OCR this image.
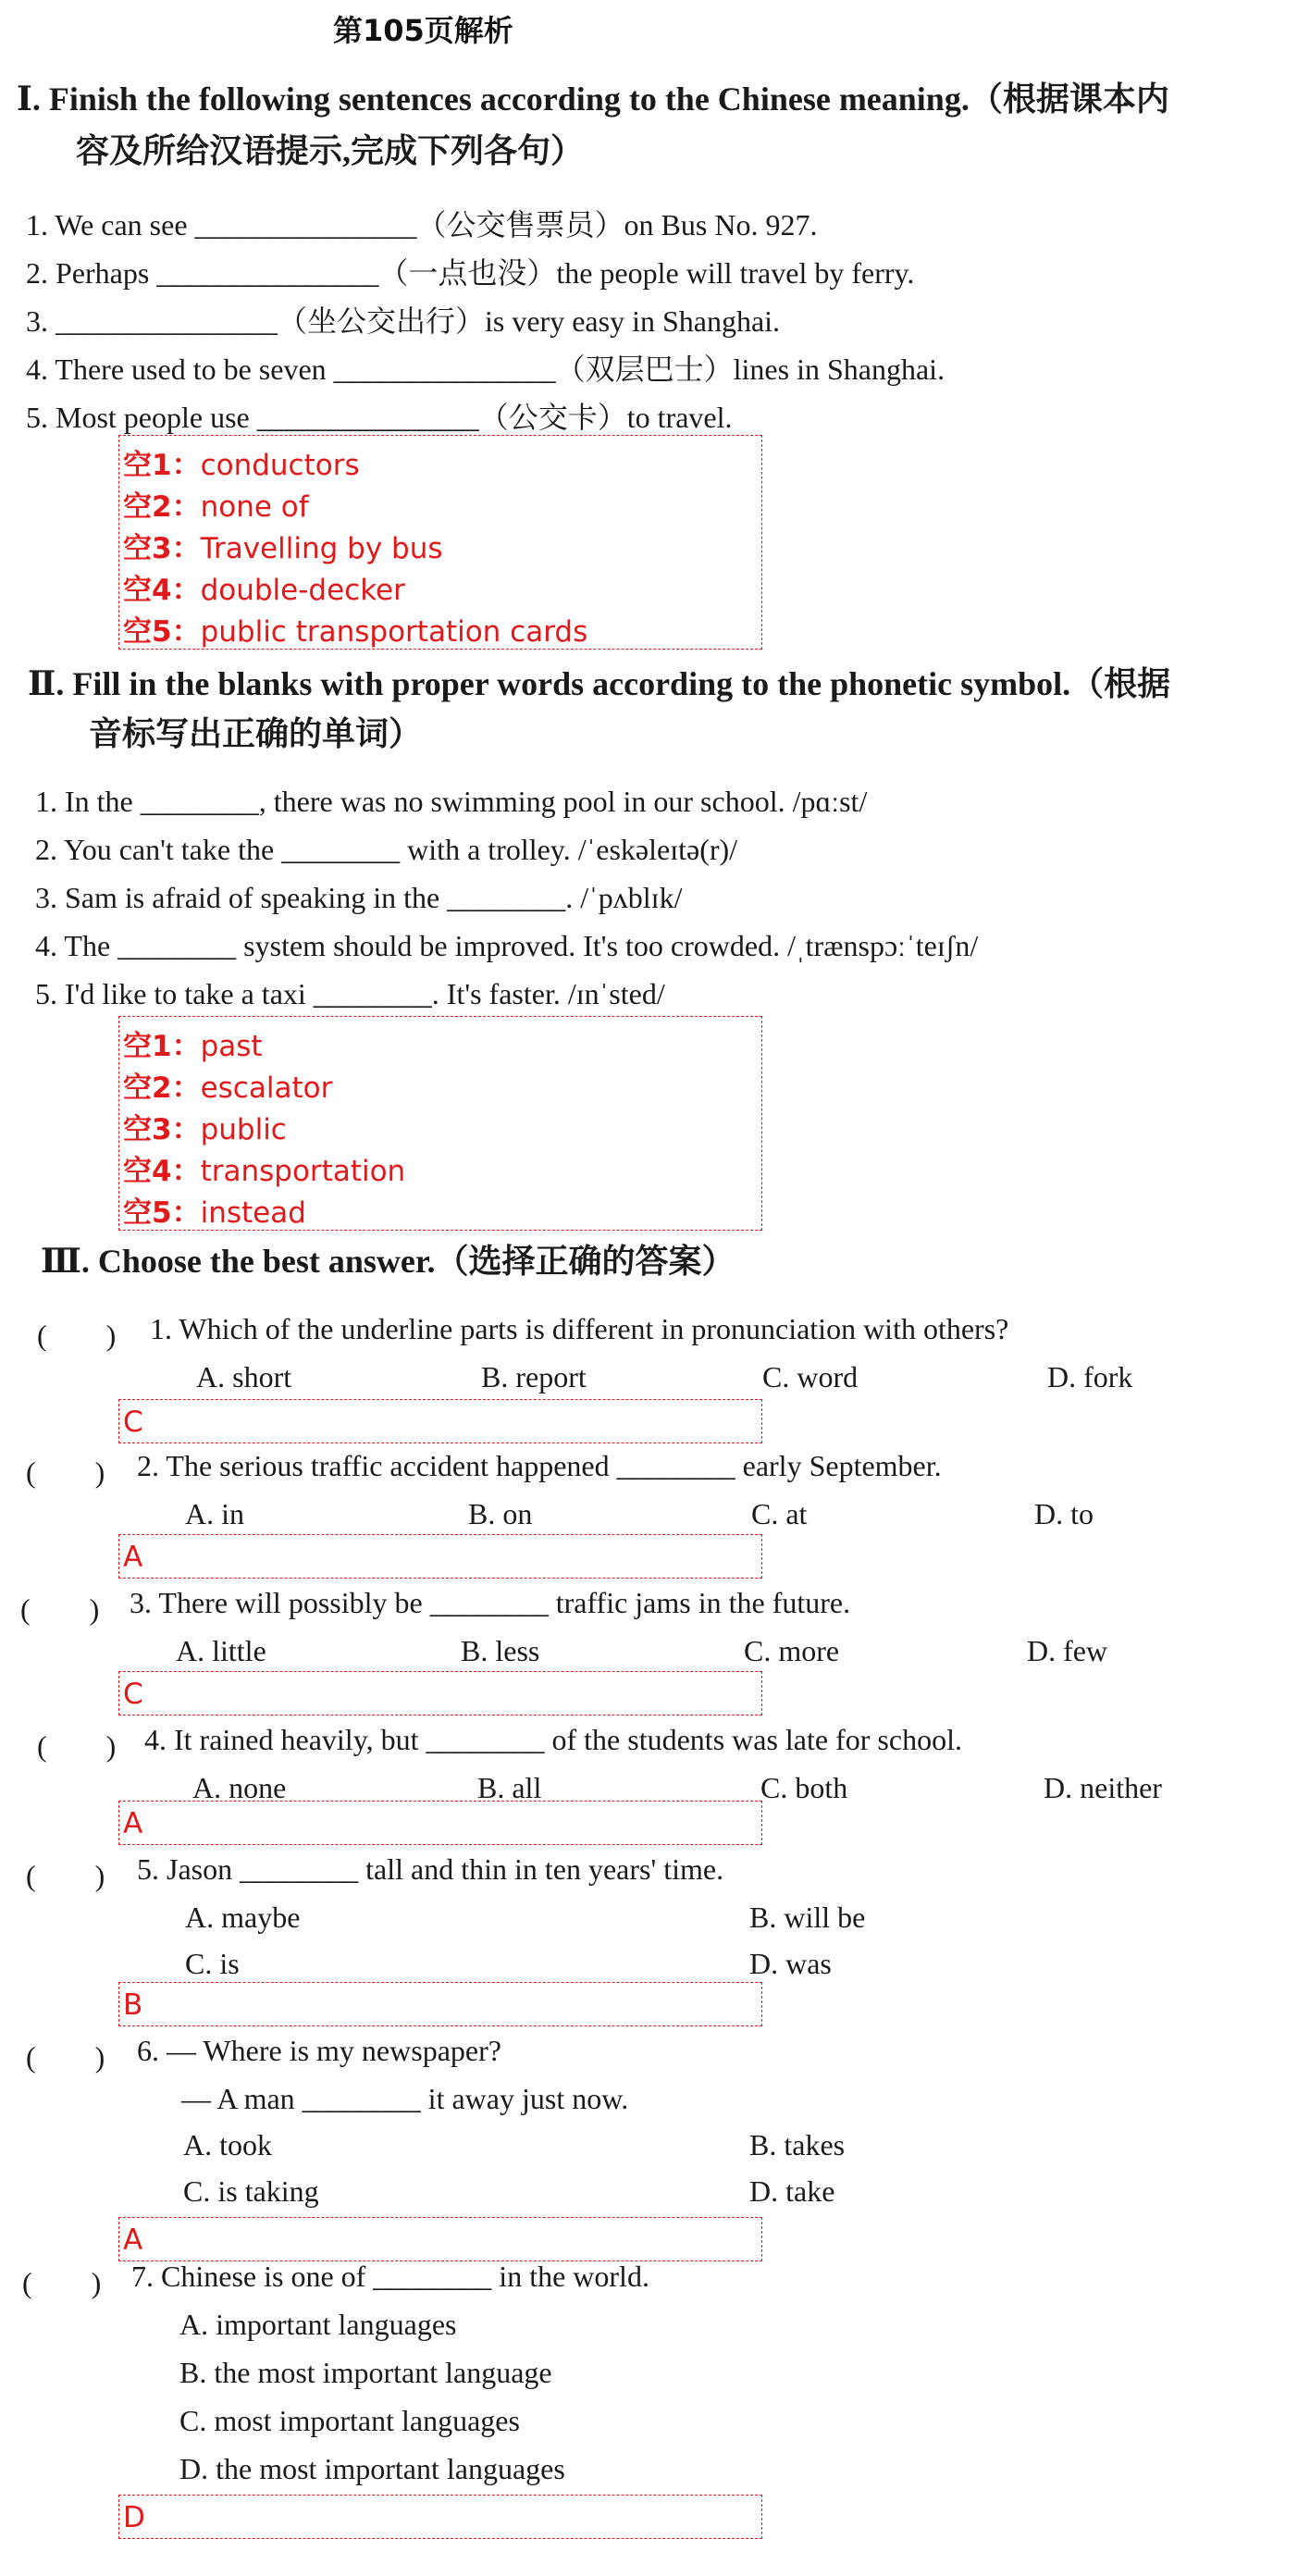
第105页解析
Ⅰ. Finish the following sentences according to the Chinese meaning.（根据课本内
容及所给汉语提示,完成下列各句）
1. We can see _______________（公交售票员）on Bus No. 927.
2. Perhaps _______________（一点也没）the people will travel by ferry.
3. _______________（坐公交出行）is very easy in Shanghai.
4. There used to be seven _______________（双层巴士）lines in Shanghai.
5. Most people use _______________（公交卡）to travel.
空1：conductors
空2：none of
空3：Travelling by bus
空4：double-decker
空5：public transportation cards
Ⅱ. Fill in the blanks with proper words according to the phonetic symbol.（根据
音标写出正确的单词）
1. In the ________, there was no swimming pool in our school. /pɑːst/
2. You can't take the ________ with a trolley. /ˈeskəleɪtə(r)/
3. Sam is afraid of speaking in the ________. /ˈpʌblɪk/
4. The ________ system should be improved. It's too crowded. /ˌtrænspɔːˈteɪʃn/
5. I'd like to take a taxi ________. It's faster. /ɪnˈsted/
空1：past
空2：escalator
空3：public
空4：transportation
空5：instead
Ⅲ. Choose the best answer.（选择正确的答案）
(　　) 1. Which of the underline parts is different in pronunciation with others?
A. short	B. report	C. word	D. fork
C
(　　) 2. The serious traffic accident happened ________ early September.
A. in	B. on	C. at	D. to
A
(　　) 3. There will possibly be ________ traffic jams in the future.
A. little	B. less	C. more	D. few
C
(　　) 4. It rained heavily, but ________ of the students was late for school.
A. none	B. all	C. both	D. neither
A
(　　) 5. Jason ________ tall and thin in ten years' time.
A. maybe	B. will be
C. is	D. was
B
(　　) 6. — Where is my newspaper?
— A man ________ it away just now.
A. took	B. takes
C. is taking	D. take
A
(　　) 7. Chinese is one of ________ in the world.
A. important languages
B. the most important language
C. most important languages
D. the most important languages
D
